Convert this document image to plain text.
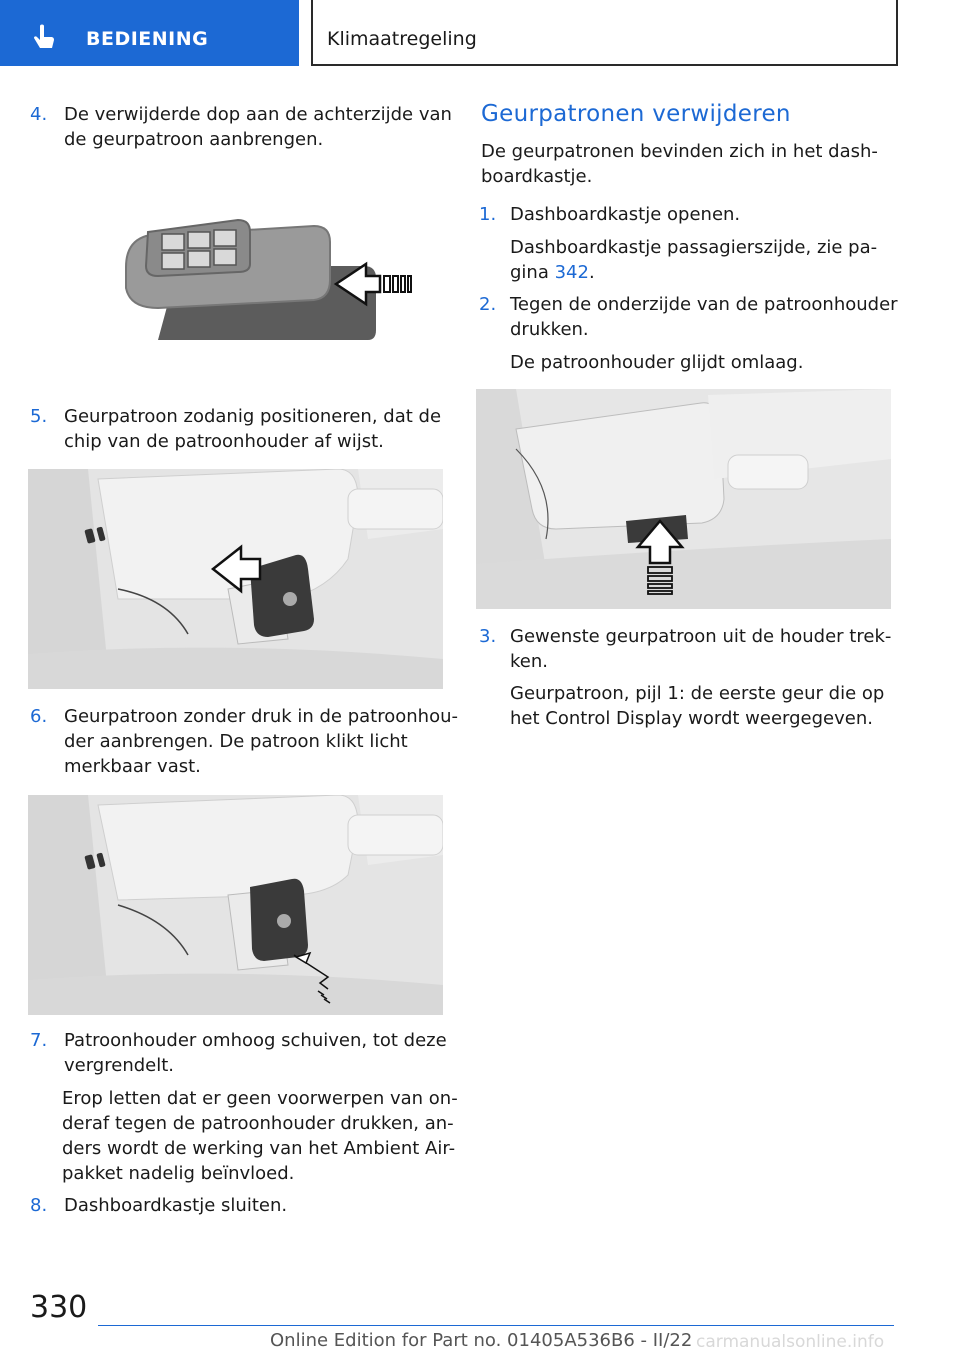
BEDIENING	Klimaatregeling
4. De verwijderde dop aan de achterzijde van
de geurpatroon aanbrengen.
5. Geurpatroon zodanig positioneren, dat de
chip van de patroonhouder af wijst.
6. Geurpatroon zonder druk in de patroonhou‐
der aanbrengen. De patroon klikt licht
merkbaar vast.
7. Patroonhouder omhoog schuiven, tot deze
vergrendelt.
Erop letten dat er geen voorwerpen van on‐
deraf tegen de patroonhouder drukken, an‐
ders wordt de werking van het Ambient Air-
pakket nadelig beïnvloed.
8. Dashboardkastje sluiten.
Geurpatronen verwijderen
De geurpatronen bevinden zich in het dash‐
boardkastje.
1. Dashboardkastje openen.
Dashboardkastje passagierszijde, zie pa‐
gina 342.
2. Tegen de onderzijde van de patroonhouder
drukken.
De patroonhouder glijdt omlaag.
3. Gewenste geurpatroon uit de houder trek‐
ken.
Geurpatroon, pijl 1: de eerste geur die op
het Control Display wordt weergegeven.
330
Online Edition for Part no. 01405A536B6 - II/22 carmanualsonline.info
